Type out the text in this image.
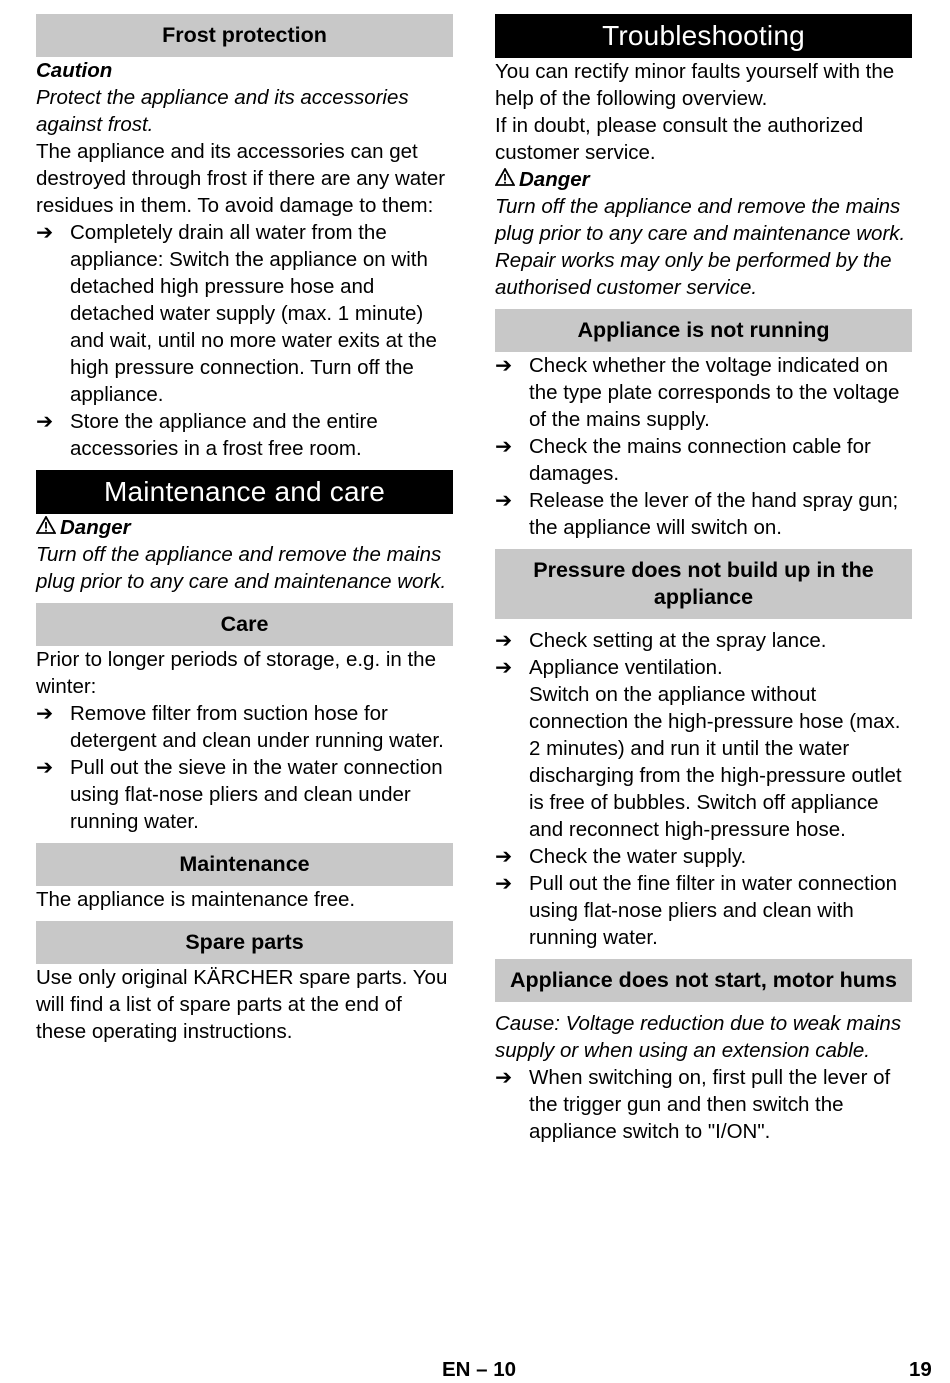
Frost protection

Caution

Protect the appliance and its accessories against frost.

The appliance and its accessories can get destroyed through frost if there are any water residues in them. To avoid damage to them:

➔ Completely drain all water from the appliance: Switch the appliance on with detached high pressure hose and detached water supply (max. 1 minute) and wait, until no more water exits at the high pressure connection. Turn off the appliance.
➔ Store the appliance and the entire accessories in a frost free room.
Maintenance and care

Danger

Turn off the appliance and remove the mains plug prior to any care and maintenance work.

Care

Prior to longer periods of storage, e.g. in the winter:

➔ Remove filter from suction hose for detergent and clean under running water.
➔ Pull out the sieve in the water connection using flat-nose pliers and clean under running water.
Maintenance

The appliance is maintenance free.

Spare parts

Use only original KÄRCHER spare parts. You will find a list of spare parts at the end of these operating instructions.

Troubleshooting

You can rectify minor faults yourself with the help of the following overview.

If in doubt, please consult the authorized customer service.

Danger

Turn off the appliance and remove the mains plug prior to any care and maintenance work.

Repair works may only be performed by the authorised customer service.

Appliance is not running
➔ Check whether the voltage indicated on the type plate corresponds to the voltage of the mains supply.
➔ Check the mains connection cable for damages.
➔ Release the lever of the hand spray gun; the appliance will switch on.
Pressure does not build up in the appliance
➔ Check setting at the spray lance.
➔ Appliance ventilation.
Switch on the appliance without connection the high-pressure hose (max. 2 minutes) and run it until the water discharging from the high-pressure outlet is free of bubbles. Switch off appliance and reconnect high-pressure hose.
➔ Check the water supply.
➔ Pull out the fine filter in water connection using flat-nose pliers and clean with running water.
Appliance does not start, motor hums

Cause: Voltage reduction due to weak mains supply or when using an extension cable.

➔ When switching on, first pull the lever of the trigger gun and then switch the appliance switch to "I/ON".
EN – 10	19
